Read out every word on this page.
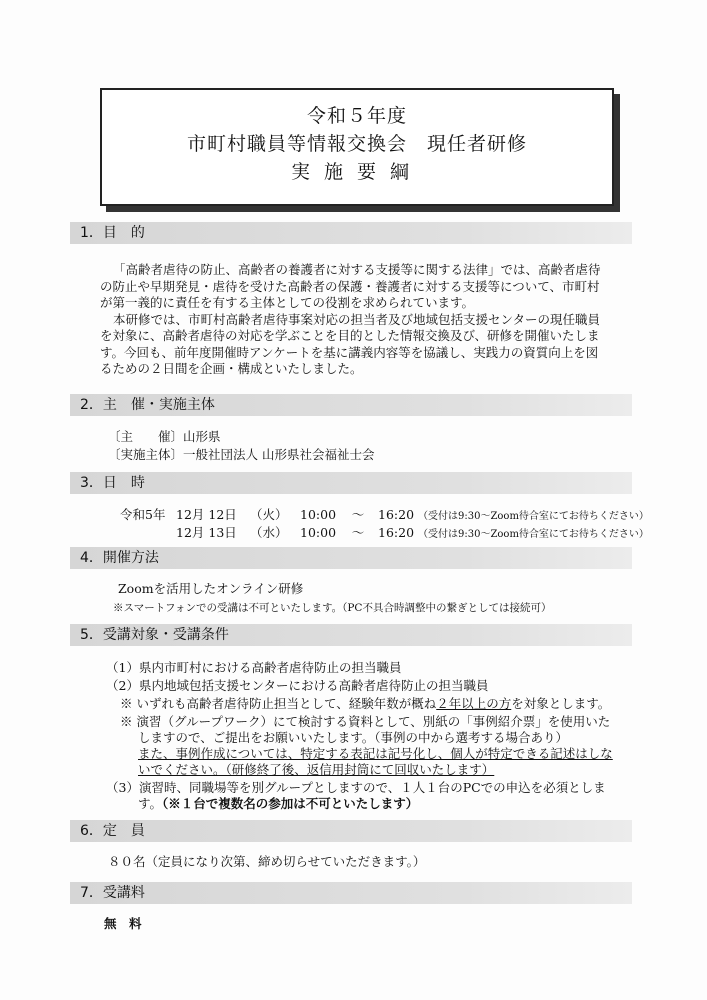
令和５年度
市町村職員等情報交換会　現任者研修
実施要綱
1．目　的

「高齢者虐待の防止、高齢者の養護者に対する支援等に関する法律」では、高齢者虐待

の防止や早期発見・虐待を受けた高齢者の保護・養護者に対する支援等について、市町村
が第一義的に責任を有する主体としての役割を求められています。

本研修では、市町村高齢者虐待事案対応の担当者及び地域包括支援センターの現任職員

を対象に、高齢者虐待の対応を学ぶことを目的とした情報交換及び、研修を開催いたしま
す。今回も、前年度開催時アンケートを基に講義内容等を協議し、実践力の資質向上を図
るための２日間を企画・構成といたしました。
2．主　催・実施主体
〔主　　催〕山形県
〔実施主体〕一般社団法人 山形県社会福祉士会
3．日　時
令和5年 12月 12日 （火） 10:00 ～ 16:20 （受付は9:30～Zoom待合室にてお待ちください）
12月 13日 （水） 10:00 ～ 16:20 （受付は9:30～Zoom待合室にてお待ちください）
4．開催方法
Zoomを活用したオンライン研修
※スマートフォンでの受講は不可といたします。（PC不具合時調整中の繋ぎとしては接続可）
5．受講対象・受講条件
（1）県内市町村における高齢者虐待防止の担当職員
（2）県内地域包括支援センターにおける高齢者虐待防止の担当職員
※ いずれも高齢者虐待防止担当として、経験年数が概ね２年以上の方を対象とします。
※ 演習（グループワーク）にて検討する資料として、別紙の「事例紹介票」を使用いた
しますので、ご提出をお願いいたします。（事例の中から選考する場合あり）
また、事例作成については、特定する表記は記号化し、個人が特定できる記述はしな
いでください。（研修終了後、返信用封筒にて回収いたします）
（3）演習時、同職場等を別グループとしますので、１人１台のPCでの申込を必須としま
す。（※１台で複数名の参加は不可といたします）
6．定　員
８０名（定員になり次第、締め切らせていただきます。）
7．受講料
無　料
